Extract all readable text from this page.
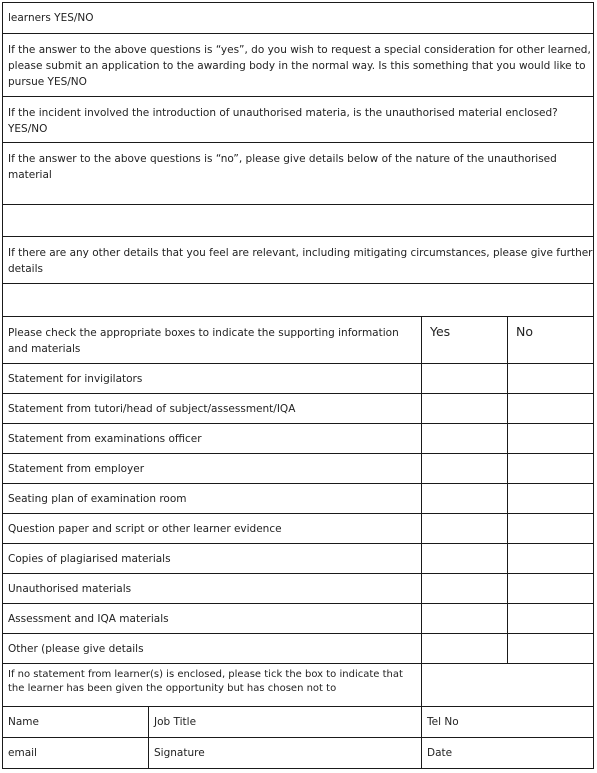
learners YES/NO			
If the answer to the above questions is “yes”, do you wish to request a special consideration for other learned, please submit an application to the awarding body in the normal way. Is this something that you would like to pursue YES/NO			
If the incident involved the introduction of unauthorised materia, is the unauthorised material enclosed? YES/NO			
If the answer to the above questions is “no”, please give details below of the nature of the unauthorised material			

If there are any other details that you feel are relevant, including mitigating circumstances, please give further details			

Please check the appropriate boxes to indicate the supporting information and materials		Yes	No
Statement for invigilators			
Statement from tutori/head of subject/assessment/IQA			
Statement from examinations officer			
Statement from employer			
Seating plan of examination room			
Question paper and script or other learner evidence			
Copies of plagiarised materials			
Unauthorised materials			
Assessment and IQA materials			
Other (please give details			
If no statement from learner(s) is enclosed, please tick the box to indicate that the learner has been given the opportunity but has chosen not to			
Name	Job Title	Tel No	
email	Signature	Date	
